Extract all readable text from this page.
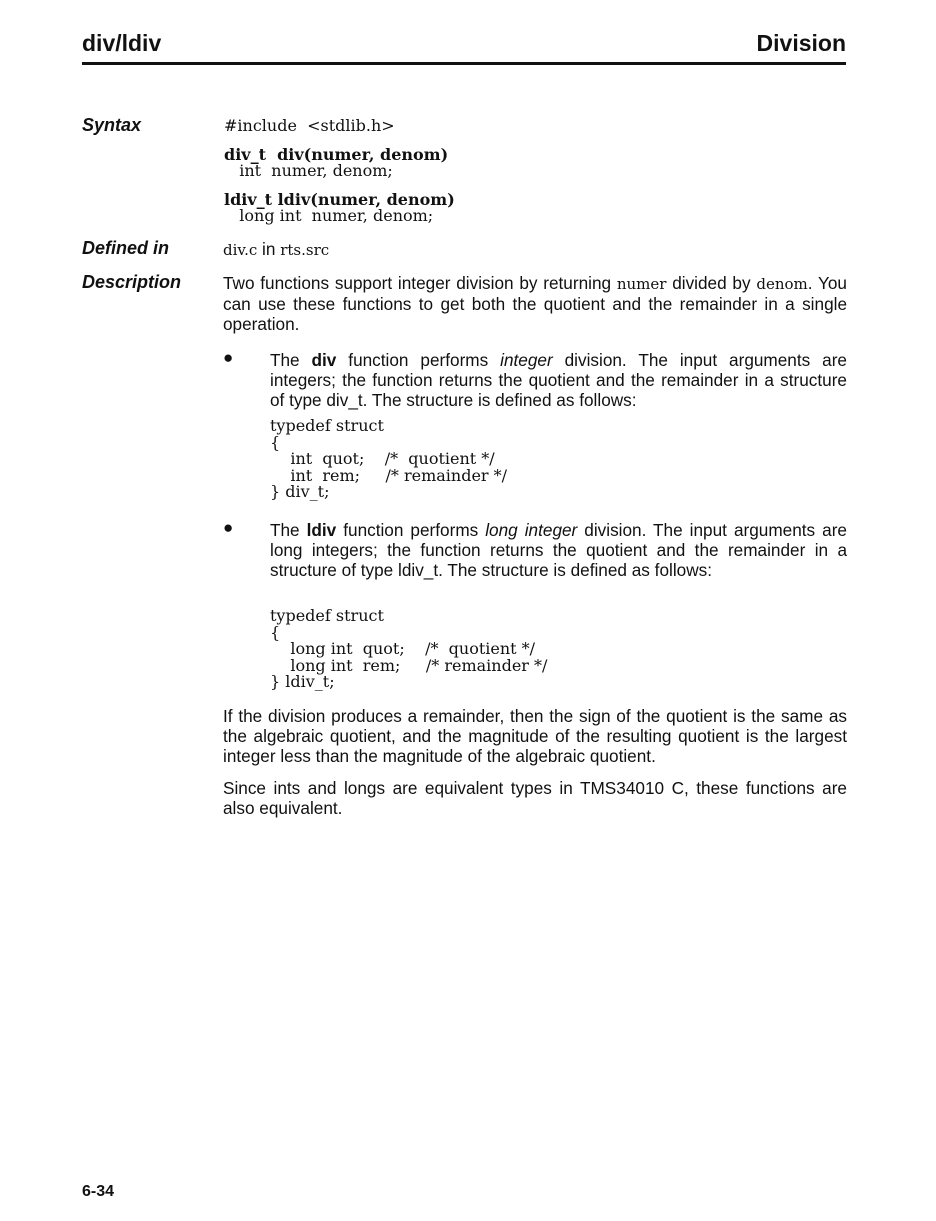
div/ldiv	Division
Syntax	#include  <stdlib.h>
div_t  div(numer, denom)
int  numer, denom;
ldiv_t ldiv(numer, denom)
long int  numer, denom;
Defined in	div.c in rts.src
Description Two functions support integer division by returning numer divided by denom. You can use these functions to get both the quotient and the remainder in a single operation.
● The div function performs integer division. The input arguments are integers; the function returns the quotient and the remainder in a structure of type div_t. The structure is defined as follows:
typedef struct
{
int  quot;    /*  quotient */
int  rem;     /* remainder */
} div_t;
● The ldiv function performs long integer division. The input arguments are long integers; the function returns the quotient and the remainder in a structure of type ldiv_t. The structure is defined as follows:
typedef struct
{
long int  quot;    /*  quotient */
long int  rem;     /* remainder */
} ldiv_t;
If the division produces a remainder, then the sign of the quotient is the same as the algebraic quotient, and the magnitude of the resulting quotient is the largest integer less than the magnitude of the algebraic quotient.
Since ints and longs are equivalent types in TMS34010 C, these functions are also equivalent.
6-34
